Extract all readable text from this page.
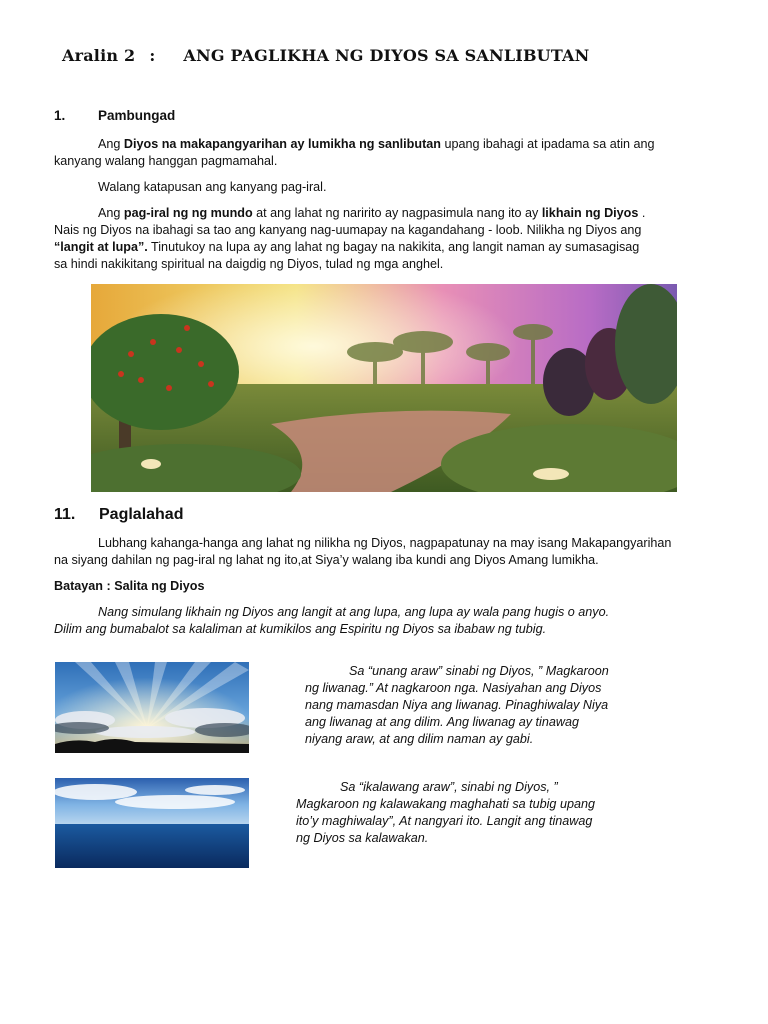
Aralin 2 : ANG PAGLIKHA NG DIYOS SA SANLIBUTAN
1. Pambungad
Ang Diyos na makapangyarihan ay lumikha ng sanlibutan upang ibahagi at ipadama sa atin ang
kanyang walang hanggan pagmamahal.
Walang katapusan ang kanyang pag-iral.
Ang pag-iral ng ng mundo at ang lahat ng naririto ay nagpasimula nang ito ay likhain ng Diyos .
Nais ng Diyos na ibahagi sa tao ang kanyang nag-uumapay na kagandahang - loob. Nilikha ng Diyos ang
“langit at lupa”. Tinutukoy na lupa ay ang lahat ng bagay na nakikita, ang langit naman ay sumasagisag
sa hindi nakikitang spiritual na daigdig ng Diyos, tulad ng mga anghel.
11. Paglalahad
Lubhang kahanga-hanga ang lahat ng nilikha ng Diyos, nagpapatunay na may isang Makapangyarihan
na siyang dahilan ng pag-iral ng lahat ng ito,at Siya’y walang iba kundi ang Diyos Amang lumikha.
Batayan : Salita ng Diyos
Nang simulang likhain ng Diyos ang langit at ang lupa, ang lupa ay wala pang hugis o anyo.
Dilim ang bumabalot sa kalaliman at kumikilos ang Espiritu ng Diyos sa ibabaw ng tubig.
Sa “unang araw” sinabi ng Diyos, ” Magkaroon
ng liwanag.” At nagkaroon nga. Nasiyahan ang Diyos
nang mamasdan Niya ang liwanag. Pinaghiwalay Niya
ang liwanag at ang dilim. Ang liwanag ay tinawag
niyang araw, at ang dilim naman ay gabi.
Sa “ikalawang araw”, sinabi ng Diyos, ”
Magkaroon ng kalawakang maghahati sa tubig upang
ito’y maghiwalay”, At nangyari ito. Langit ang tinawag
ng Diyos sa kalawakan.
